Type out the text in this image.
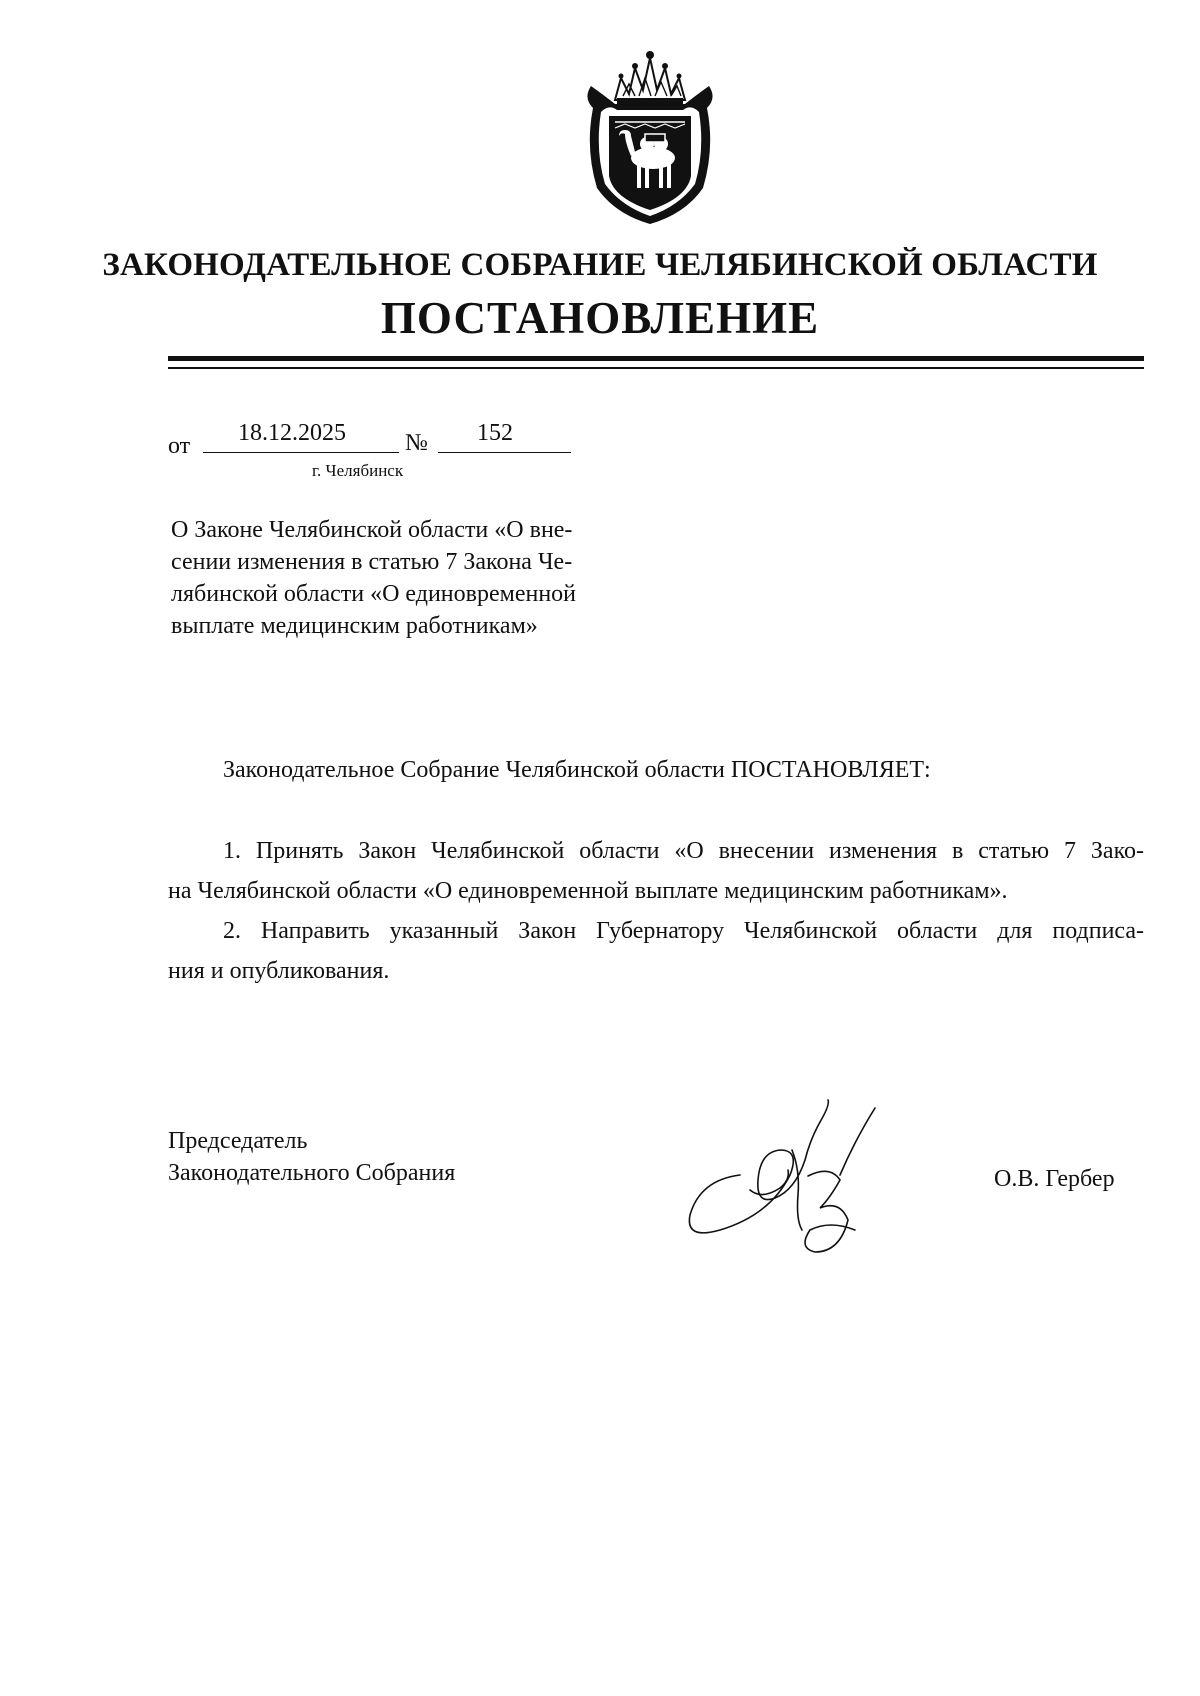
ЗАКОНОДАТЕЛЬНОЕ СОБРАНИЕ ЧЕЛЯБИНСКОЙ ОБЛАСТИ
ПОСТАНОВЛЕНИЕ
от 18.12.2025 № 152
г. Челябинск
О Законе Челябинской области «О вне-
сении изменения в статью 7 Закона Че-
лябинской области «О единовременной
выплате медицинским работникам»
Законодательное Собрание Челябинской области ПОСТАНОВЛЯЕТ:
1. Принять Закон Челябинской области «О внесении изменения в статью 7 Зако-
на Челябинской области «О единовременной выплате медицинским работникам».
2. Направить указанный Закон Губернатору Челябинской области для подписа-
ния и опубликования.
Председатель
Законодательного Собрания	О.В. Гербер
